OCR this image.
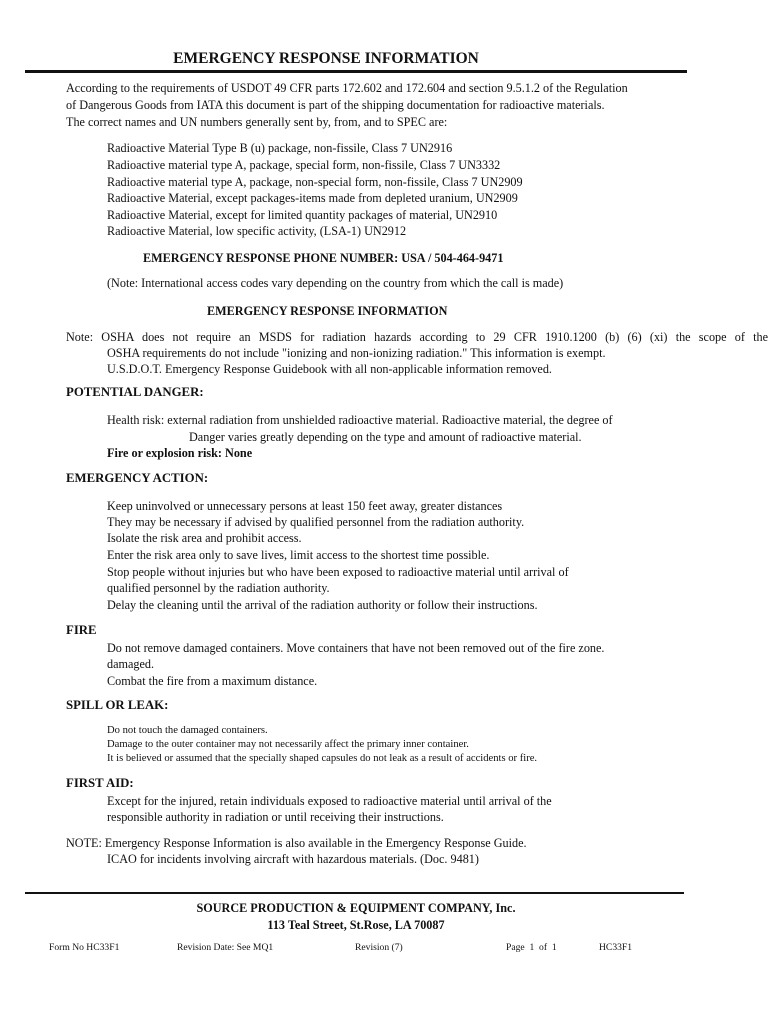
EMERGENCY RESPONSE INFORMATION
According to the requirements of USDOT 49 CFR parts 172.602 and 172.604 and section 9.5.1.2 of the Regulation
of Dangerous Goods from IATA this document is part of the shipping documentation for radioactive materials.
The correct names and UN numbers generally sent by, from, and to SPEC are:
Radioactive Material Type B (u) package, non-fissile, Class 7 UN2916
Radioactive material type A, package, special form, non-fissile, Class 7 UN3332
Radioactive material type A, package, non-special form, non-fissile, Class 7 UN2909
Radioactive Material, except packages-items made from depleted uranium, UN2909
Radioactive Material, except for limited quantity packages of material, UN2910
Radioactive Material, low specific activity, (LSA-1) UN2912
EMERGENCY RESPONSE PHONE NUMBER: USA / 504-464-9471
(Note: International access codes vary depending on the country from which the call is made)
EMERGENCY RESPONSE INFORMATION
Note: OSHA does not require an MSDS for radiation hazards according to 29 CFR 1910.1200 (b) (6) (xi) the scope of the
OSHA requirements do not include "ionizing and non-ionizing radiation." This information is exempt.
U.S.D.O.T. Emergency Response Guidebook with all non-applicable information removed.
POTENTIAL DANGER:
Health risk: external radiation from unshielded radioactive material. Radioactive material, the degree of
Danger varies greatly depending on the type and amount of radioactive material.
Fire or explosion risk: None
EMERGENCY ACTION:
Keep uninvolved or unnecessary persons at least 150 feet away, greater distances
They may be necessary if advised by qualified personnel from the radiation authority.
Isolate the risk area and prohibit access.
Enter the risk area only to save lives, limit access to the shortest time possible.
Stop people without injuries but who have been exposed to radioactive material until arrival of
qualified personnel by the radiation authority.
Delay the cleaning until the arrival of the radiation authority or follow their instructions.
FIRE
Do not remove damaged containers. Move containers that have not been removed out of the fire zone.
damaged.
Combat the fire from a maximum distance.
SPILL OR LEAK:
Do not touch the damaged containers.
Damage to the outer container may not necessarily affect the primary inner container.
It is believed or assumed that the specially shaped capsules do not leak as a result of accidents or fire.
FIRST AID:
Except for the injured, retain individuals exposed to radioactive material until arrival of the
responsible authority in radiation or until receiving their instructions.
NOTE: Emergency Response Information is also available in the Emergency Response Guide.
ICAO for incidents involving aircraft with hazardous materials. (Doc. 9481)
SOURCE PRODUCTION & EQUIPMENT COMPANY, Inc.
113 Teal Street, St.Rose, LA 70087
Form No HC33F1	Revision Date: See MQ1	Revision (7)	Page  1  of  1	HC33F1
